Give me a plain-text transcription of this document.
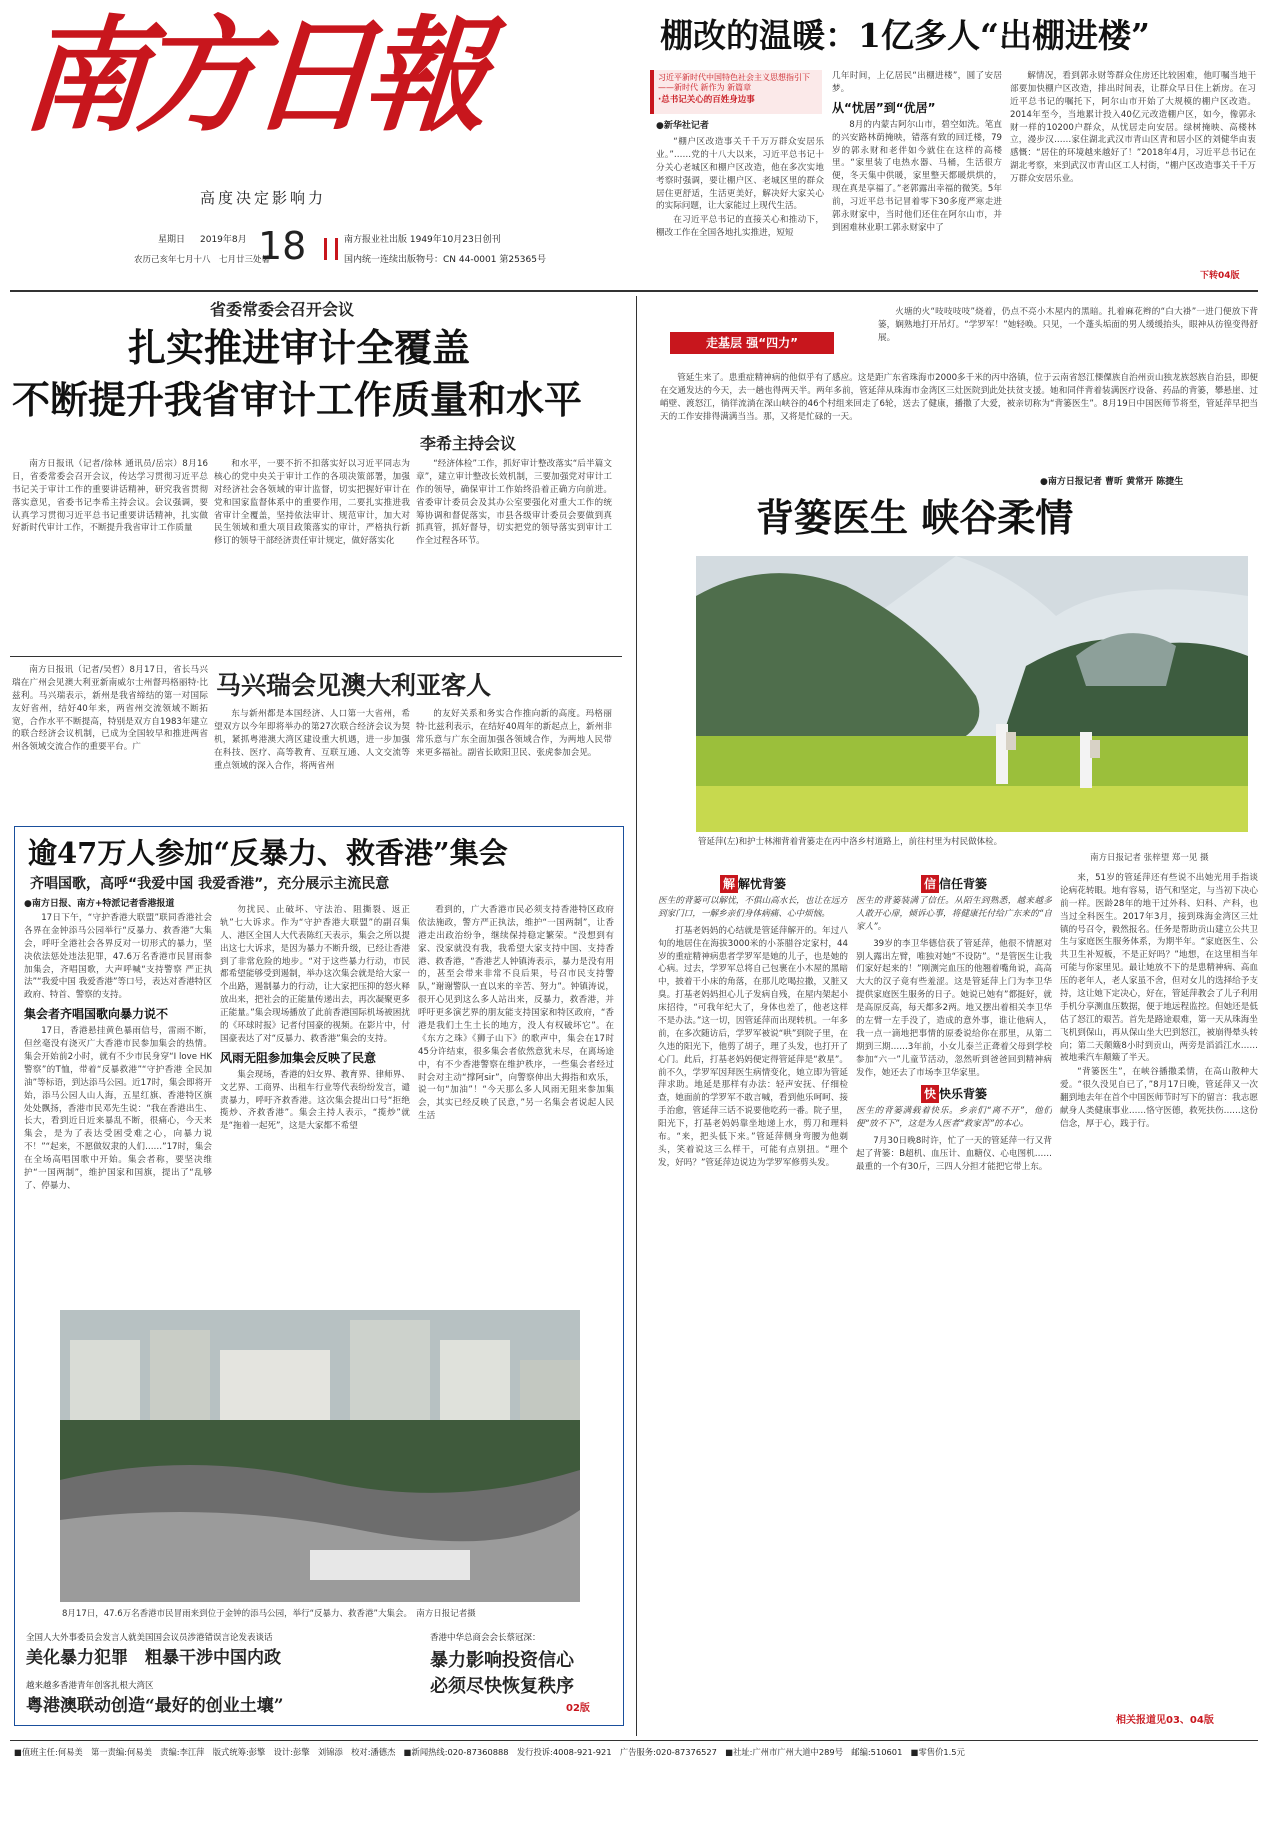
南方日報
高度决定影响力
星期日 2019年8月
农历己亥年七月十八　七月廿三处暑
18	南方报业社出版 1949年10月23日创刊
国内统一连续出版物号：CN 44-0001 第25365号
棚改的温暖：1亿多人“出棚进楼”
习近平新时代中国特色社会主义思想指引下——新时代 新作为 新篇章
·总书记关心的百姓身边事
●新华社记者

“棚户区改造事关千千万万群众安居乐业。”……党的十八大以来，习近平总书记十分关心老城区和棚户区改造，他在多次实地考察时强调，要让棚户区、老城区里的群众居住更舒适，生活更美好，解决好大家关心的实际问题，让大家能过上现代生活。

在习近平总书记的直接关心和推动下，棚改工作在全国各地扎实推进，短短

几年时间，上亿居民“出棚进楼”，圆了安居梦。
从“忧居”到“优居”

8月的内蒙古阿尔山市，碧空如洗。笔直的兴安路林荫掩映，错落有致的回迁楼，79岁的郭永财和老伴如今就住在这样的高楼里。“家里装了电热水器、马桶，生活很方便，冬天集中供暖，家里整天都暖烘烘的，现在真是享福了。”老郭露出幸福的微笑。5年前，习近平总书记冒着零下30多度严寒走进郭永财家中，当时他们还住在阿尔山市，并到困难林业职工郭永财家中了

解情况，看到郭永财等群众住房还比较困难，他叮嘱当地干部要加快棚户区改造，排出时间表，让群众早日住上新房。在习近平总书记的嘱托下，阿尔山市开始了大规模的棚户区改造。2014年至今，当地累计投入40亿元改造棚户区，如今，像郭永财一样的10200户群众，从忧居走向安居。绿树掩映、高楼林立，漫步汉……家住湖北武汉市青山区青和居小区的刘健华由衷感慨：“居住的环境越来越好了！”2018年4月，习近平总书记在湖北考察，来到武汉市青山区工人村街，“棚户区改造事关千千万万群众安居乐业。

下转04版
省委常委会召开会议
扎实推进审计全覆盖
不断提升我省审计工作质量和水平
李希主持会议

南方日报讯（记者/徐林 通讯员/岳宗）8月16日，省委常委会召开会议，传达学习贯彻习近平总书记关于审计工作的重要讲话精神，研究我省贯彻落实意见，省委书记李希主持会议。会议强调，要认真学习贯彻习近平总书记重要讲话精神，扎实做好新时代审计工作，不断提升我省审计工作质量

和水平，一要不折不扣落实好以习近平同志为核心的党中央关于审计工作的各项决策部署，加强对经济社会各领域的审计监督，切实把握好审计在党和国家监督体系中的重要作用，二要扎实推进我省审计全覆盖，坚持依法审计、规范审计，加大对民生领域和重大项目政策落实的审计，严格执行新修订的领导干部经济责任审计规定，做好落实化

“经济体检”工作，抓好审计整改落实“后半篇文章”，建立审计整改长效机制，三要加强党对审计工作的领导，确保审计工作始终沿着正确方向前进。省委审计委员会及其办公室要强化对重大工作的统筹协调和督促落实，市县各级审计委员会要做到真抓真管，抓好督导，切实把党的领导落实到审计工作全过程各环节。

南方日报讯（记者/吴哲）8月17日，省长马兴瑞在广州会见澳大利亚新南威尔士州督玛格丽特·比兹利。马兴瑞表示，新州是我省缔结的第一对国际友好省州，结好40年来，两省州交流领域不断拓宽，合作水平不断提高，特别是双方自1983年建立的联合经济会议机制，已成为全国较早和推进两省州各领域交流合作的重要平台。广

马兴瑞会见澳大利亚客人

东与新州都是本国经济、人口第一大省州，希望双方以今年即将举办的第27次联合经济会议为契机，紧抓粤港澳大湾区建设重大机遇，进一步加强在科技、医疗、高等教育、互联互通、人文交流等重点领域的深入合作，将两省州

的友好关系和务实合作推向新的高度。玛格丽特·比兹利表示，在结好40周年的新起点上，新州非常乐意与广东全面加强各领域合作，为两地人民带来更多福祉。副省长欧阳卫民、张虎参加会见。

逾47万人参加“反暴力、救香港”集会
齐唱国歌，高呼“我爱中国 我爱香港”，充分展示主流民意
●南方日报、南方+特派记者香港报道

17日下午，“守护香港大联盟”联同香港社会各界在金钟添马公园举行“反暴力、救香港”大集会，呼吁全港社会各界反对一切形式的暴力，坚决依法惩处违法犯罪，47.6万名香港市民冒雨参加集会，齐唱国歌，大声呼喊“支持警察 严正执法”“我爱中国 我爱香港”等口号，表达对香港特区政府、特首、警察的支持。

集会者齐唱国歌向暴力说不

17日，香港悬挂黄色暴雨信号，雷雨不断，但丝毫没有浇灭广大香港市民参加集会的热情。集会开始前2小时，就有不少市民身穿“I love HK 警察”的T恤，带着“反暴救港”“守护香港 全民加油”等标语，到达添马公园。近17时，集会即将开始，添马公园人山人海，五星红旗、香港特区旗处处飘扬，香港市民邓先生说：“我在香港出生、长大，看到近日近来暴乱不断，很痛心，今天来集会，是为了表达受困受难之心，向暴力说不！”“起来，不愿做奴隶的人们……”17时，集会在全场高唱国歌中开始。集会者称，要坚决维护“一国两制”，维护国家和国旗，提出了“乱够了、停暴力、

勿扰民、止破坏、守法治、阻撕裂、返正轨”七大诉求。作为“守护香港大联盟”的副召集人、港区全国人大代表陈红天表示，集会之所以提出这七大诉求，是因为暴力不断升级，已经让香港到了非常危险的地步。“对于这些暴力行动，市民都希望能够受到遏制，举办这次集会就是给大家一个出路，遏制暴力的行动，让大家把压抑的怒火释放出来，把社会的正能量传递出去，再次凝聚更多正能量。”集会现场播放了此前香港国际机场被困扰的《环球时报》记者付国豪的视频。在影片中，付国豪表达了对“反暴力、救香港”集会的支持。

风雨无阻参加集会反映了民意

集会现场，香港的妇女界、教育界、律师界、文艺界、工商界、出租车行业等代表纷纷发言，谴责暴力，呼吁齐救香港。这次集会提出口号“拒绝揽炒、齐救香港”。集会主持人表示，“揽炒”就是“拖着一起死”，这是大家都不希望

看到的，广大香港市民必须支持香港特区政府依法施政，警方严正执法，维护“一国两制”，让香港走出政治纷争，继续保持稳定繁荣。“没想到有家、没家就没有我，我希望大家支持中国、支持香港、救香港，“香港艺人钟镇涛表示，暴力是没有用的，甚至会带来非常不良后果，号召市民支持警队，”谢谢警队一直以来的辛苦、努力”。钟镇涛说，很开心见到这么多人站出来，反暴力，救香港，并呼吁更多演艺界的朋友能支持国家和特区政府，“香港是我们土生土长的地方，没人有权破坏它”。在《东方之珠》《狮子山下》的歌声中，集会在17时45分许结束，很多集会者依然意犹未尽，在离场途中，有不少香港警察在维护秩序，一些集会者经过时会对主动“撑阿sir”，向警察伸出大拇指和欢乐，说一句“加油”！“今天那么多人风雨无阻来参加集会，其实已经反映了民意，”另一名集会者说起人民生活

8月17日，47.6万名香港市民冒雨来到位于金钟的添马公园，举行“反暴力、救香港”大集会。　南方日报记者摄
全国人大外事委员会发言人就美国国会议员涉港错误言论发表谈话
美化暴力犯罪　粗暴干涉中国内政
越来越多香港青年创客扎根大湾区
粤港澳联动创造“最好的创业土壤”
香港中华总商会会长蔡冠深：
暴力影响投资信心
必须尽快恢复秩序
02版
走基层 强“四力”

火塘的火“吱吱吱吱”烧着，仍点不亮小木屋内的黑暗。扎着麻花辫的“白大褂”一进门便放下背篓，娴熟地打开吊灯。“学罗军！”她轻唤。只见，一个蓬头垢面的男人缓缓抬头，眼神从彷徨变得舒展。

管延生来了。患重症精神病的他似乎有了感应。这是距广东省珠海市2000多千米的丙中洛镇，位于云南省怒江傈僳族自治州贡山独龙族怒族自治县，即便在交通发达的今天，去一趟也得两天半。两年多前，管延萍从珠海市金湾区三灶医院到此处扶贫支援。她和同伴背着装满医疗设备、药品的背篓，攀悬崖、过峭壁、渡怒江，徜徉流淌在深山峡谷的46个村组来回走了6轮，送去了健康，播撒了大爱，被亲切称为“背篓医生”。8月19日中国医师节将至，管延萍早把当天的工作安排得满满当当。那，又将是忙碌的一天。

●南方日报记者 曹昕 黄常开 陈捷生
背篓医生 峡谷柔情
管延萍(左)和护士林湘背着背篓走在丙中洛乡村道路上，前往村里为村民做体检。
南方日报记者 张梓望 郑一见 摄
解 解忧背篓
医生的背篓可以解忧，不俱山高水长，也让在远方到家门口，一解乡亲们身体病痛、心中烦恼。

打基老妈妈的心结就是管延萍解开的。年过八旬的地居住在海拔3000米的小茶腊谷定家村，44岁的重症精神病患者学罗军是她的儿子，也是她的心病。过去，学罗军总将自己包裹在小木屋的黑暗中，披着干小床的角落，在那儿吃喝拉撒，又脏又臭。打基老妈妈担心儿子发病自残，在屋内架起小床招待，“可我年纪大了，身体也差了，他老这样不是办法。”这一切，因管延萍而出现转机。一年多前，在多次随访后，学罗军被说“哄”到院子里，在久违的阳光下，他剪了胡子，理了头发，也打开了心门。此后，打基老妈妈便定得管延萍是“救星”。前不久，学罗军因拜医生病情变化，她立即为管延萍求助。地延是那样有办法：轻声安抚、仔细检查，她面前的学罗军不敢言喊，看到他乐呵呵、接手治愈，管延萍三话不说要他吃药一番。院子里，阳光下，打基老妈妈靠坐地递上水，剪刀和理料布。“来，把头低下来。”管延萍侧身弯腰为他剃头，笑着说这三么样干，可能有点别扭。“理个发，好吗？”管延萍边说边为学罗军修剪头发。

信 信任背篓
医生的背篓装满了信任。从陌生到熟悉，越来越多人敢开心扉，倾诉心事，将健康托付给广东来的“自家人”。

39岁的李卫华德信获了管延萍，他很不情愿对别人露出左臂，唯独对她“不设防”。“是管医生让我们家好起来的！”刚测完血压的他翘着嘴角说，高高大大的汉子竟有些羞涩。这是管延萍上门为李卫华提供家庭医生服务的日子。她说已她有”都挺好，就是高原反高，每天都多2两。地又摆出着相关李卫华的左臂一左手没了，造成的意外事，谁让他病人，我一点一滴地把事情的原委说给你在那里，从第二期到三期……3年前，小女儿泰兰正聋着父母到学校参加“六一”儿童节活动，忽然听到爸爸回到精神病发作，她还去了市场李卫华家里。

快 快乐背篓
医生的背篓满载着快乐。乡亲们“离不开”，他们便“放不下”，这是为人医者“救家苦”的本心。

7月30日晚8时许，忙了一天的管延萍一行又背起了背篓：B超机、血压计、血糖仪、心电图机……最重的一个有30斤，三四人分担才能把它带上东。

来，51岁的管延萍还有些说不出她光用手指谈论病花转眼。地有容易，语气和坚定，与当初下决心前一样。医龄28年的地干过外科、妇科、产科，也当过全科医生。2017年3月，接到珠海金湾区三灶镇的号召令，毅然报名。任务是帮助贡山建立公共卫生与家庭医生服务体系，为期半年。“家庭医生、公共卫生补短板，不是正好吗？”地想，在这里相当年可能与你家里见。最让她放不下的是患精神病、高血压的老年人，老人家虽不舍，但对女儿的选择给予支持，这让她下定决心，好在，管延萍教会了儿子利用手机分享测血压数据，便于地远程监控。但她还是低估了怒江的艰苦。首先是路途艰难，第一天从珠海坐飞机到保山，再从保山坐大巴到怒江，被崩得晕头转向；第二天颠簸8小时到贡山，两旁是滔滔江水……被地乘汽车颠簸了半天。

“背篓医生”，在峡谷播撒柔情，在高山散种大爱。“很久没见自已了，”8月17日晚，管延萍又一次翻到地去年在首个中国医师节时写下的留言：我志愿献身人类健康事业……恪守医德，救死扶伤……这份信念，厚于心，践于行。

相关报道见03、04版
■值班主任:何易美　第一责编:何易美　责编:李江萍　版式统筹:彭擎　设计:彭擎　刘锦添　校对:潘德杰　■新闻热线:020-87360888　发行投诉:4008-921-921　广告服务:020-87376527　■社址:广州市广州大道中289号　邮编:510601　■零售价1.5元
